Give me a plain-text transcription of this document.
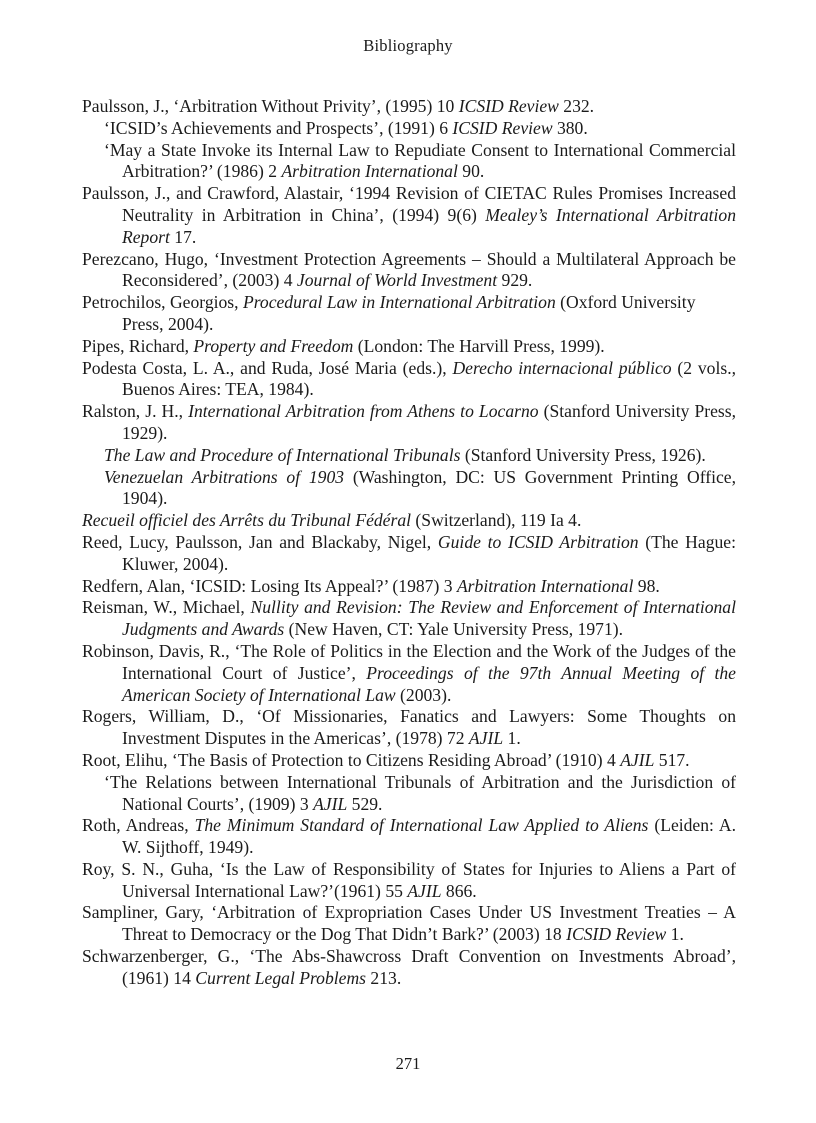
Bibliography
Paulsson, J., ‘Arbitration Without Privity’, (1995) 10 ICSID Review 232.
‘ICSID’s Achievements and Prospects’, (1991) 6 ICSID Review 380.
‘May a State Invoke its Internal Law to Repudiate Consent to International Commercial Arbitration?’ (1986) 2 Arbitration International 90.
Paulsson, J., and Crawford, Alastair, ‘1994 Revision of CIETAC Rules Promises Increased Neutrality in Arbitration in China’, (1994) 9(6) Mealey’s International Arbitration Report 17.
Perezcano, Hugo, ‘Investment Protection Agreements – Should a Multilateral Approach be Reconsidered’, (2003) 4 Journal of World Investment 929.
Petrochilos, Georgios, Procedural Law in International Arbitration (Oxford University Press, 2004).
Pipes, Richard, Property and Freedom (London: The Harvill Press, 1999).
Podesta Costa, L. A., and Ruda, José Maria (eds.), Derecho internacional público (2 vols., Buenos Aires: TEA, 1984).
Ralston, J. H., International Arbitration from Athens to Locarno (Stanford University Press, 1929).
The Law and Procedure of International Tribunals (Stanford University Press, 1926).
Venezuelan Arbitrations of 1903 (Washington, DC: US Government Printing Office, 1904).
Recueil officiel des Arrêts du Tribunal Fédéral (Switzerland), 119 Ia 4.
Reed, Lucy, Paulsson, Jan and Blackaby, Nigel, Guide to ICSID Arbitration (The Hague: Kluwer, 2004).
Redfern, Alan, ‘ICSID: Losing Its Appeal?’ (1987) 3 Arbitration International 98.
Reisman, W., Michael, Nullity and Revision: The Review and Enforcement of International Judgments and Awards (New Haven, CT: Yale University Press, 1971).
Robinson, Davis, R., ‘The Role of Politics in the Election and the Work of the Judges of the International Court of Justice’, Proceedings of the 97th Annual Meeting of the American Society of International Law (2003).
Rogers, William, D., ‘Of Missionaries, Fanatics and Lawyers: Some Thoughts on Investment Disputes in the Americas’, (1978) 72 AJIL 1.
Root, Elihu, ‘The Basis of Protection to Citizens Residing Abroad’ (1910) 4 AJIL 517.
‘The Relations between International Tribunals of Arbitration and the Jurisdiction of National Courts’, (1909) 3 AJIL 529.
Roth, Andreas, The Minimum Standard of International Law Applied to Aliens (Leiden: A. W. Sijthoff, 1949).
Roy, S. N., Guha, ‘Is the Law of Responsibility of States for Injuries to Aliens a Part of Universal International Law?’(1961) 55 AJIL 866.
Sampliner, Gary, ‘Arbitration of Expropriation Cases Under US Investment Treaties – A Threat to Democracy or the Dog That Didn’t Bark?’ (2003) 18 ICSID Review 1.
Schwarzenberger, G., ‘The Abs-Shawcross Draft Convention on Investments Abroad’, (1961) 14 Current Legal Problems 213.
271
